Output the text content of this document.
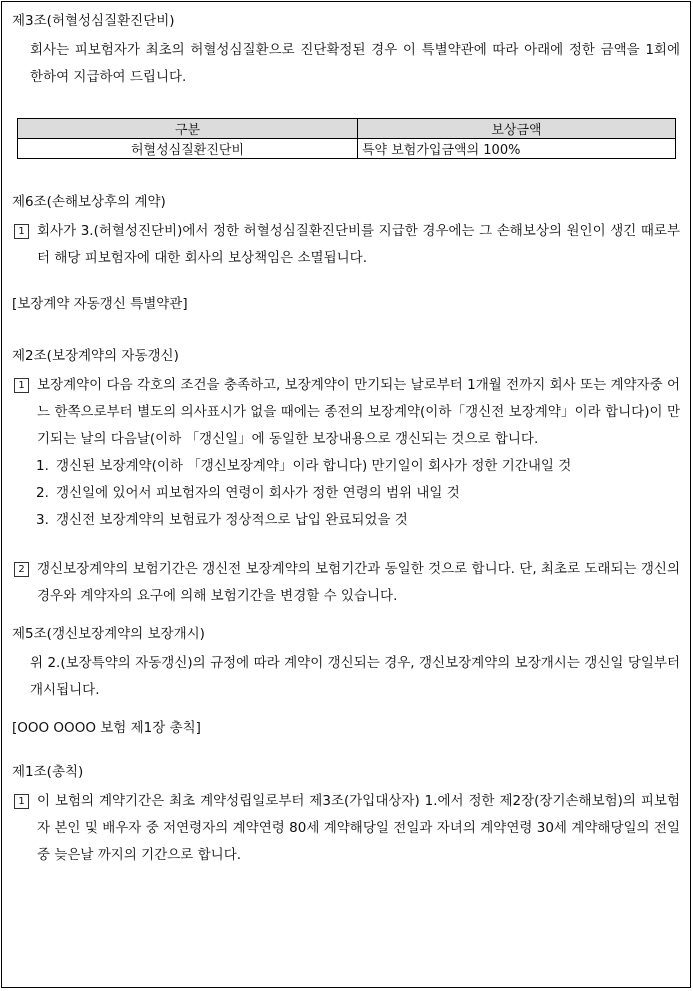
제3조(허혈성심질환진단비)
회사는 피보험자가 최초의 허혈성심질환으로 진단확정된 경우 이 특별약관에 따라 아래에 정한 금액을 1회에 한하여 지급하여 드립니다.
구분	보상금액
허혈성심질환진단비	특약 보험가입금액의 100%
제6조(손해보상후의 계약)
1 회사가 3.(허혈성진단비)에서 정한 허혈성심질환진단비를 지급한 경우에는 그 손해보상의 원인이 생긴 때로부터 해당 피보험자에 대한 회사의 보상책임은 소멸됩니다.
[보장계약 자동갱신 특별약관]
제2조(보장계약의 자동갱신)
1 보장계약이 다음 각호의 조건을 충족하고, 보장계약이 만기되는 날로부터 1개월 전까지 회사 또는 계약자중 어느 한쪽으로부터 별도의 의사표시가 없을 때에는 종전의 보장계약(이하「갱신전 보장계약」이라 합니다)이 만기되는 날의 다음날(이하 「갱신일」에 동일한 보장내용으로 갱신되는 것으로 합니다.
1. 갱신된 보장계약(이하 「갱신보장계약」이라 합니다) 만기일이 회사가 정한 기간내일 것
2. 갱신일에 있어서 피보험자의 연령이 회사가 정한 연령의 범위 내일 것
3. 갱신전 보장계약의 보험료가 정상적으로 납입 완료되었을 것
2 갱신보장계약의 보험기간은 갱신전 보장계약의 보험기간과 동일한 것으로 합니다. 단, 최초로 도래되는 갱신의 경우와 계약자의 요구에 의해 보험기간을 변경할 수 있습니다.
제5조(갱신보장계약의 보장개시)
위 2.(보장특약의 자동갱신)의 규정에 따라 계약이 갱신되는 경우, 갱신보장계약의 보장개시는 갱신일 당일부터 개시됩니다.
[OOO OOOO 보험 제1장 총칙]
제1조(총칙)
1 이 보험의 계약기간은 최초 계약성립일로부터 제3조(가입대상자) 1.에서 정한 제2장(장기손해보험)의 피보험자 본인 및 배우자 중 저연령자의 계약연령 80세 계약해당일 전일과 자녀의 계약연령 30세 계약해당일의 전일 중 늦은날 까지의 기간으로 합니다.
